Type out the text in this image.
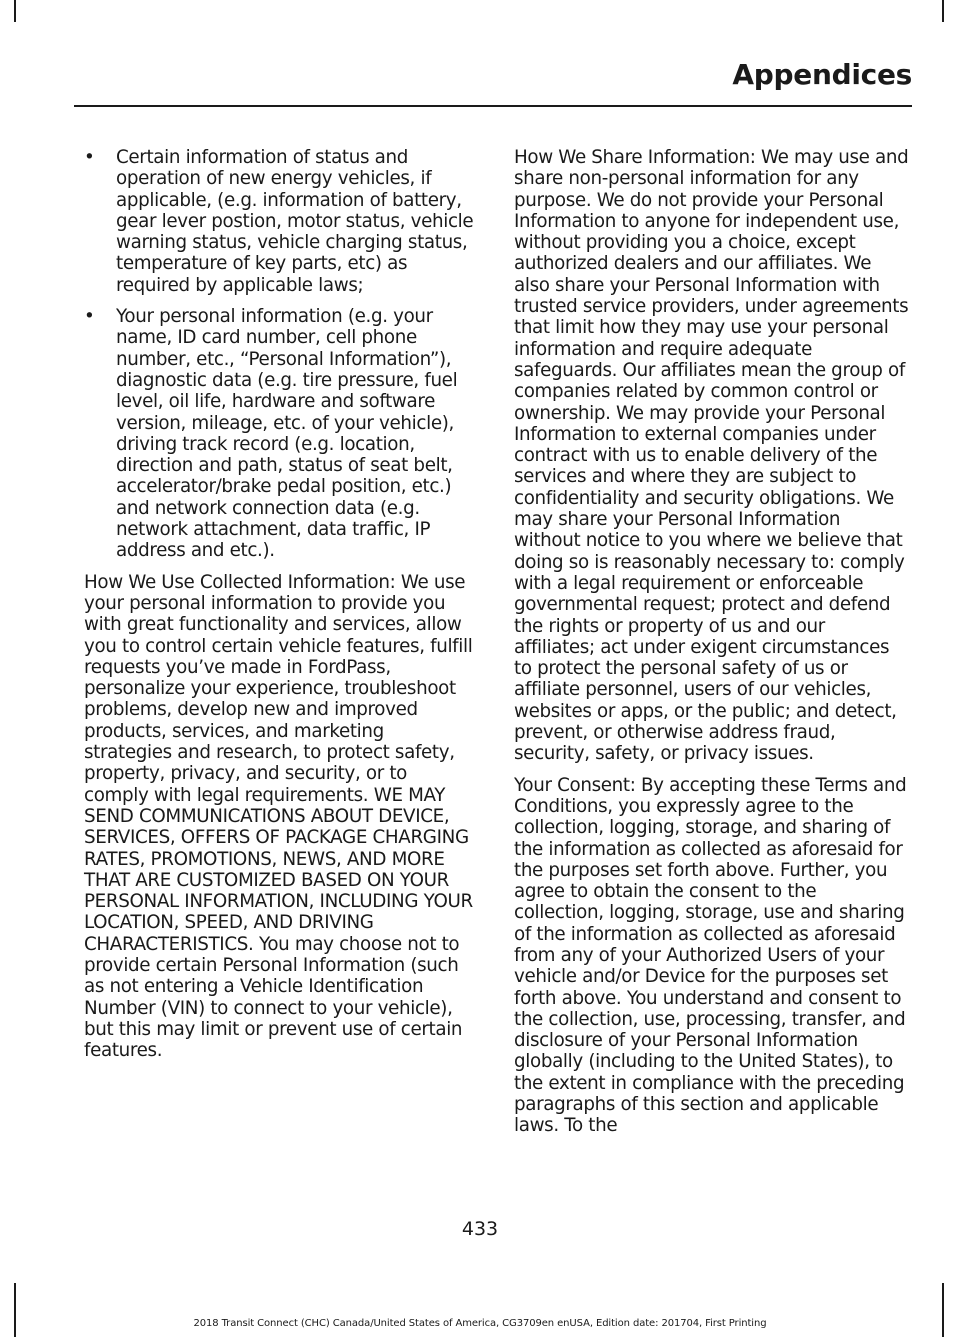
Appendices
• Certain information of status and operation of new energy vehicles, if applicable, (e.g. information of battery, gear lever postion, motor status, vehicle warning status, vehicle charging status, temperature of key parts, etc) as required by applicable laws;
• Your personal information (e.g. your name, ID card number, cell phone number, etc., “Personal Information”), diagnostic data (e.g. tire pressure, fuel level, oil life, hardware and software version, mileage, etc. of your vehicle), driving track record (e.g. location, direction and path, status of seat belt, accelerator/brake pedal position, etc.) and network connection data (e.g. network attachment, data traffic, IP address and etc.).

How We Use Collected Information: We use your personal information to provide you with great functionality and services, allow you to control certain vehicle features, fulfill requests you’ve made in FordPass, personalize your experience, troubleshoot problems, develop new and improved products, services, and marketing strategies and research, to protect safety, property, privacy, and security, or to comply with legal requirements. WE MAY SEND COMMUNICATIONS ABOUT DEVICE, SERVICES, OFFERS OF PACKAGE CHARGING RATES, PROMOTIONS, NEWS, AND MORE THAT ARE CUSTOMIZED BASED ON YOUR PERSONAL INFORMATION, INCLUDING YOUR LOCATION, SPEED, AND DRIVING CHARACTERISTICS. You may choose not to provide certain Personal Information (such as not entering a Vehicle Identification Number (VIN) to connect to your vehicle), but this may limit or prevent use of certain features.

How We Share Information: We may use and share non-personal information for any purpose. We do not provide your Personal Information to anyone for independent use, without providing you a choice, except authorized dealers and our affiliates. We also share your Personal Information with trusted service providers, under agreements that limit how they may use your personal information and require adequate safeguards. Our affiliates mean the group of companies related by common control or ownership. We may provide your Personal Information to external companies under contract with us to enable delivery of the services and where they are subject to confidentiality and security obligations. We may share your Personal Information without notice to you where we believe that doing so is reasonably necessary to: comply with a legal requirement or enforceable governmental request; protect and defend the rights or property of us and our affiliates; act under exigent circumstances to protect the personal safety of us or affiliate personnel, users of our vehicles, websites or apps, or the public; and detect, prevent, or otherwise address fraud, security, safety, or privacy issues.

Your Consent: By accepting these Terms and Conditions, you expressly agree to the collection, logging, storage, and sharing of the information as collected as aforesaid for the purposes set forth above. Further, you agree to obtain the consent to the collection, logging, storage, use and sharing of the information as collected as aforesaid from any of your Authorized Users of your vehicle and/or Device for the purposes set forth above. You understand and consent to the collection, use, processing, transfer, and disclosure of your Personal Information globally (including to the United States), to the extent in compliance with the preceding paragraphs of this section and applicable laws. To the

433
2018 Transit Connect (CHC) Canada/United States of America, CG3709en enUSA, Edition date: 201704, First Printing
